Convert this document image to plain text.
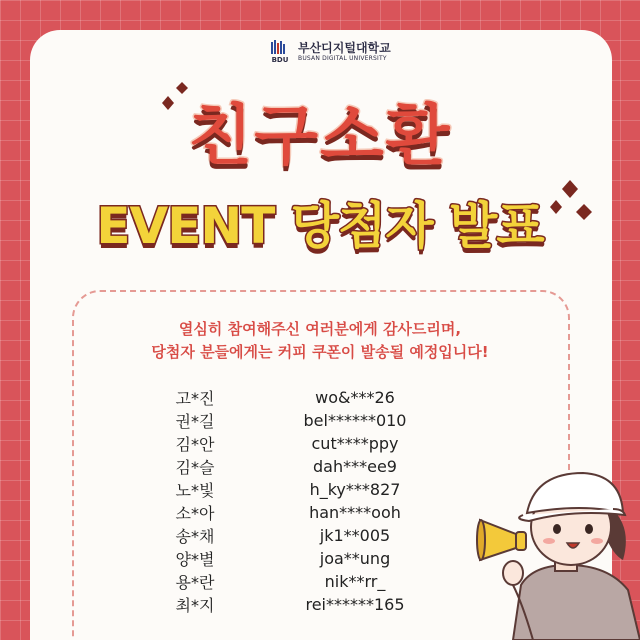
BDU
부산디지털대학교
BUSAN DIGITAL UNIVERSITY
친구소환
EVENT 당첨자 발표
열심히 참여해주신 여러분에게 감사드리며,
당첨자 분들에게는 커피 쿠폰이 발송될 예정입니다!
고*진	wo&***26
권*길	bel******010
김*안	cut****ppy
김*슬	dah***ee9
노*빛	h_ky***827
소*아	han****ooh
송*채	jk1**005
양*별	joa**ung
용*란	nik**rr_
최*지	rei******165
